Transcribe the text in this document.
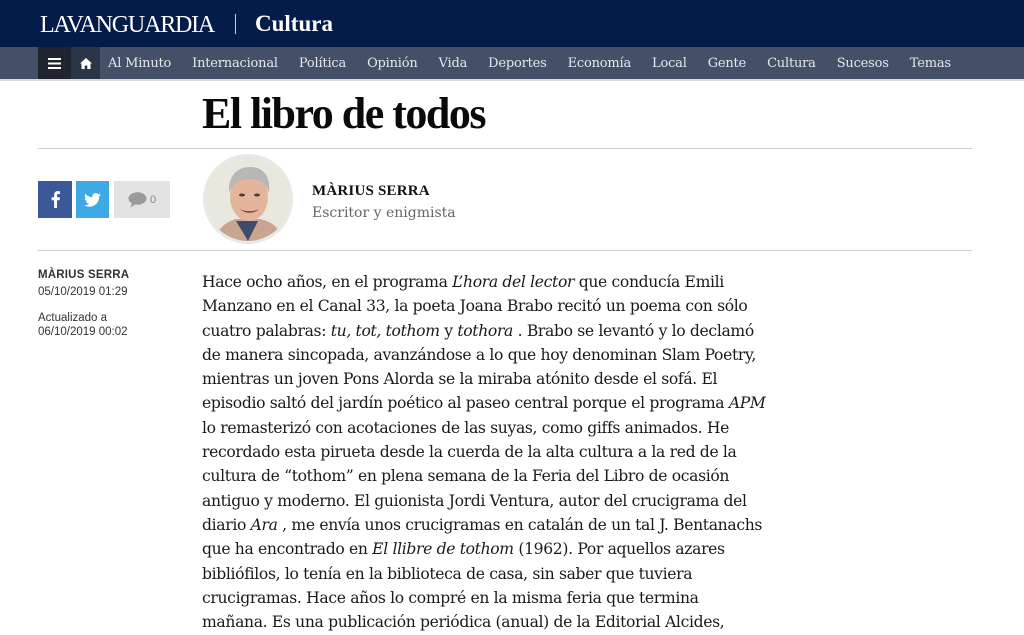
LAVANGUARDIA Cultura
Al Minuto Internacional Política Opinión Vida Deportes Economía Local Gente Cultura Sucesos Temas
El libro de todos
0
MÀRIUS SERRA
Escritor y enigmista
MÀRIUS SERRA
05/10/2019 01:29
Actualizado a
06/10/2019 00:02

Hace ocho años, en el programa L’hora del lector que conducía Emili

Manzano en el Canal 33, la poeta Joana Brabo recitó un poema con sólo

cuatro palabras: tu, tot, tothom y tothora . Brabo se levantó y lo declamó

de manera sincopada, avanzándose a lo que hoy denominan Slam Poetry,

mientras un joven Pons Alorda se la miraba atónito desde el sofá. El

episodio saltó del jardín poético al paseo central porque el programa APM

lo remasterizó con acotaciones de las suyas, como giffs animados. He

recordado esta pirueta desde la cuerda de la alta cultura a la red de la

cultura de “tothom” en plena semana de la Feria del Libro de ocasión

antiguo y moderno. El guionista Jordi Ventura, autor del crucigrama del

diario Ara , me envía unos crucigramas en catalán de un tal J. Bentanachs

que ha encontrado en El llibre de tothom (1962). Por aquellos azares

bibliófilos, lo tenía en la biblioteca de casa, sin saber que tuviera

crucigramas. Hace años lo compré en la misma feria que termina

mañana. Es una publicación periódica (anual) de la Editorial Alcides,
